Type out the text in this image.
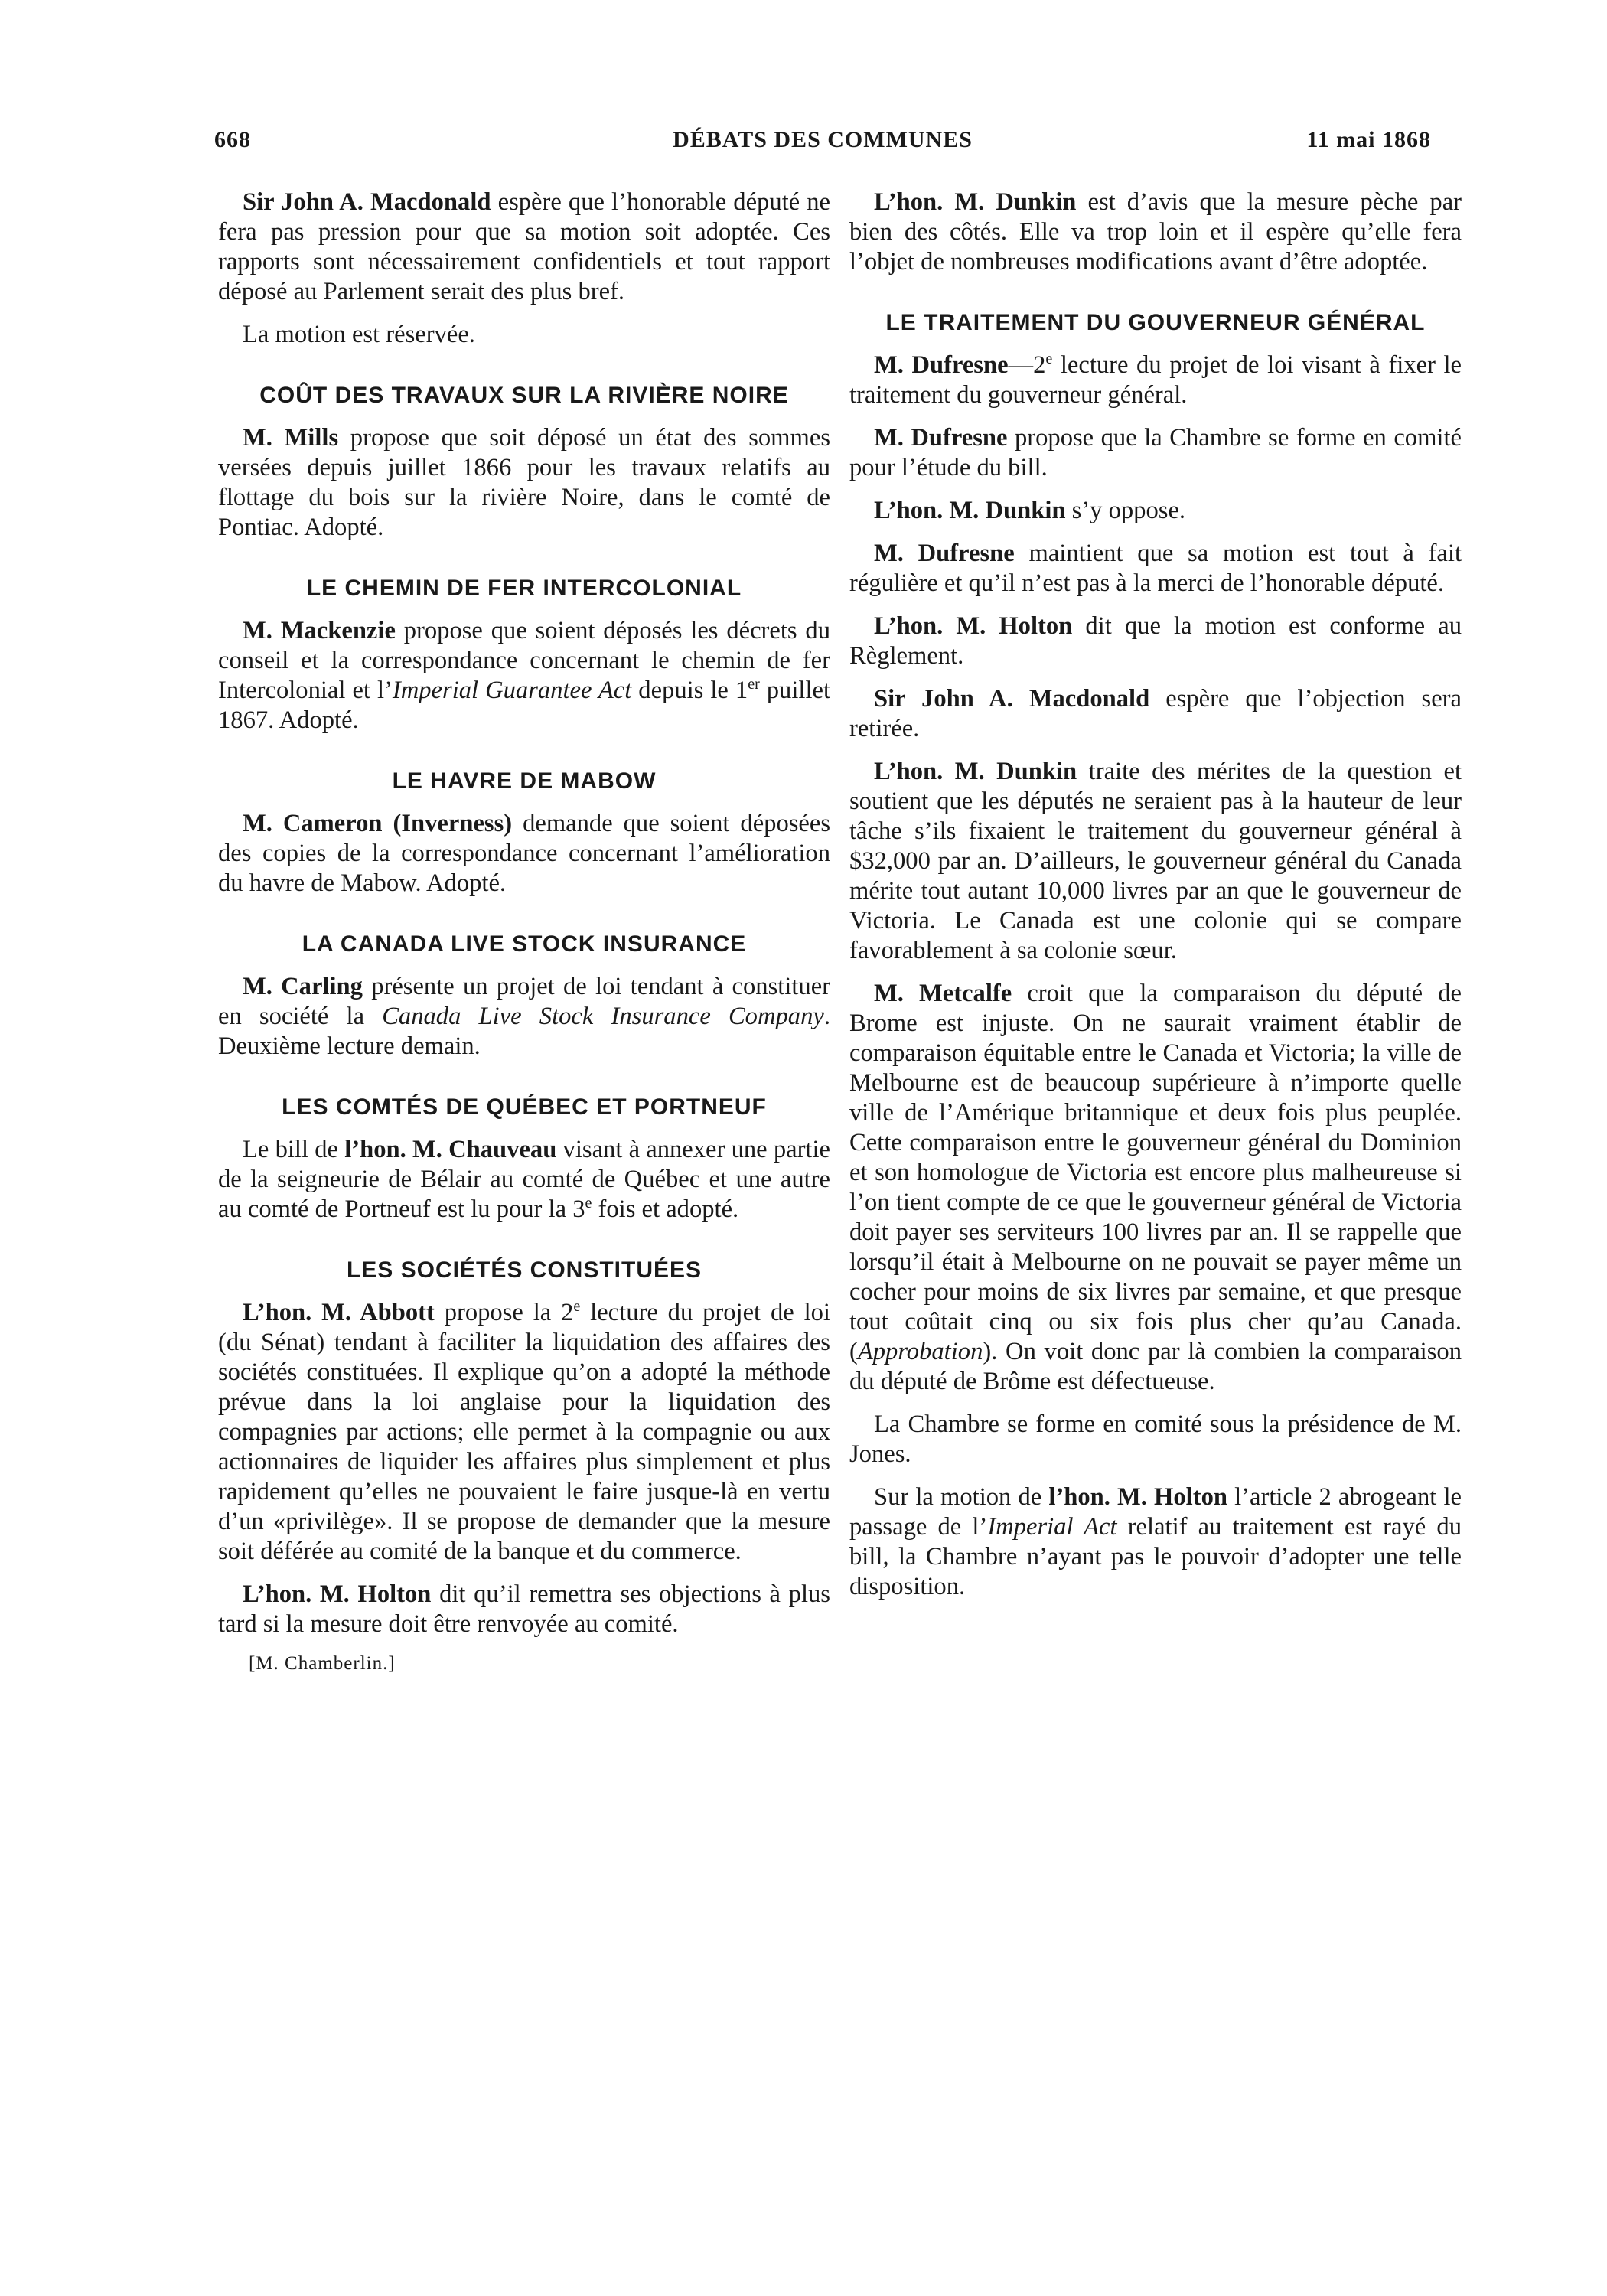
668	DÉBATS DES COMMUNES	11 mai 1868

Sir John A. Macdonald espère que l’honorable député ne fera pas pression pour que sa motion soit adoptée. Ces rapports sont nécessairement confidentiels et tout rapport déposé au Parlement serait des plus bref.

La motion est réservée.

COÛT DES TRAVAUX SUR LA RIVIÈRE NOIRE

M. Mills propose que soit déposé un état des sommes versées depuis juillet 1866 pour les travaux relatifs au flottage du bois sur la rivière Noire, dans le comté de Pontiac. Adopté.

LE CHEMIN DE FER INTERCOLONIAL

M. Mackenzie propose que soient déposés les décrets du conseil et la correspondance concernant le chemin de fer Intercolonial et l’Imperial Guarantee Act depuis le 1er puillet 1867. Adopté.

LE HAVRE DE MABOW

M. Cameron (Inverness) demande que soient déposées des copies de la correspondance concernant l’amélioration du havre de Mabow. Adopté.

LA CANADA LIVE STOCK INSURANCE

M. Carling présente un projet de loi tendant à constituer en société la Canada Live Stock Insurance Company. Deuxième lecture demain.

LES COMTÉS DE QUÉBEC ET PORTNEUF

Le bill de l’hon. M. Chauveau visant à annexer une partie de la seigneurie de Bélair au comté de Québec et une autre au comté de Portneuf est lu pour la 3e fois et adopté.

LES SOCIÉTÉS CONSTITUÉES

L’hon. M. Abbott propose la 2e lecture du projet de loi (du Sénat) tendant à faciliter la liquidation des affaires des sociétés constituées. Il explique qu’on a adopté la méthode prévue dans la loi anglaise pour la liquidation des compagnies par actions; elle permet à la compagnie ou aux actionnaires de liquider les affaires plus simplement et plus rapidement qu’elles ne pouvaient le faire jusque-là en vertu d’un «privilège». Il se propose de demander que la mesure soit déférée au comité de la banque et du commerce.

L’hon. M. Holton dit qu’il remettra ses objections à plus tard si la mesure doit être renvoyée au comité.

[M. Chamberlin.]

L’hon. M. Dunkin est d’avis que la mesure pèche par bien des côtés. Elle va trop loin et il espère qu’elle fera l’objet de nombreuses modifications avant d’être adoptée.

LE TRAITEMENT DU GOUVERNEUR GÉNÉRAL

M. Dufresne—2e lecture du projet de loi visant à fixer le traitement du gouverneur général.

M. Dufresne propose que la Chambre se forme en comité pour l’étude du bill.

L’hon. M. Dunkin s’y oppose.

M. Dufresne maintient que sa motion est tout à fait régulière et qu’il n’est pas à la merci de l’honorable député.

L’hon. M. Holton dit que la motion est conforme au Règlement.

Sir John A. Macdonald espère que l’objection sera retirée.

L’hon. M. Dunkin traite des mérites de la question et soutient que les députés ne seraient pas à la hauteur de leur tâche s’ils fixaient le traitement du gouverneur général à $32,000 par an. D’ailleurs, le gouverneur général du Canada mérite tout autant 10,000 livres par an que le gouverneur de Victoria. Le Canada est une colonie qui se compare favorablement à sa colonie sœur.

M. Metcalfe croit que la comparaison du député de Brome est injuste. On ne saurait vraiment établir de comparaison équitable entre le Canada et Victoria; la ville de Melbourne est de beaucoup supérieure à n’importe quelle ville de l’Amérique britannique et deux fois plus peuplée. Cette comparaison entre le gouverneur général du Dominion et son homologue de Victoria est encore plus malheureuse si l’on tient compte de ce que le gouverneur général de Victoria doit payer ses serviteurs 100 livres par an. Il se rappelle que lorsqu’il était à Melbourne on ne pouvait se payer même un cocher pour moins de six livres par semaine, et que presque tout coûtait cinq ou six fois plus cher qu’au Canada. (Approbation). On voit donc par là combien la comparaison du député de Brôme est défectueuse.

La Chambre se forme en comité sous la présidence de M. Jones.

Sur la motion de l’hon. M. Holton l’article 2 abrogeant le passage de l’Imperial Act relatif au traitement est rayé du bill, la Chambre n’ayant pas le pouvoir d’adopter une telle disposition.
